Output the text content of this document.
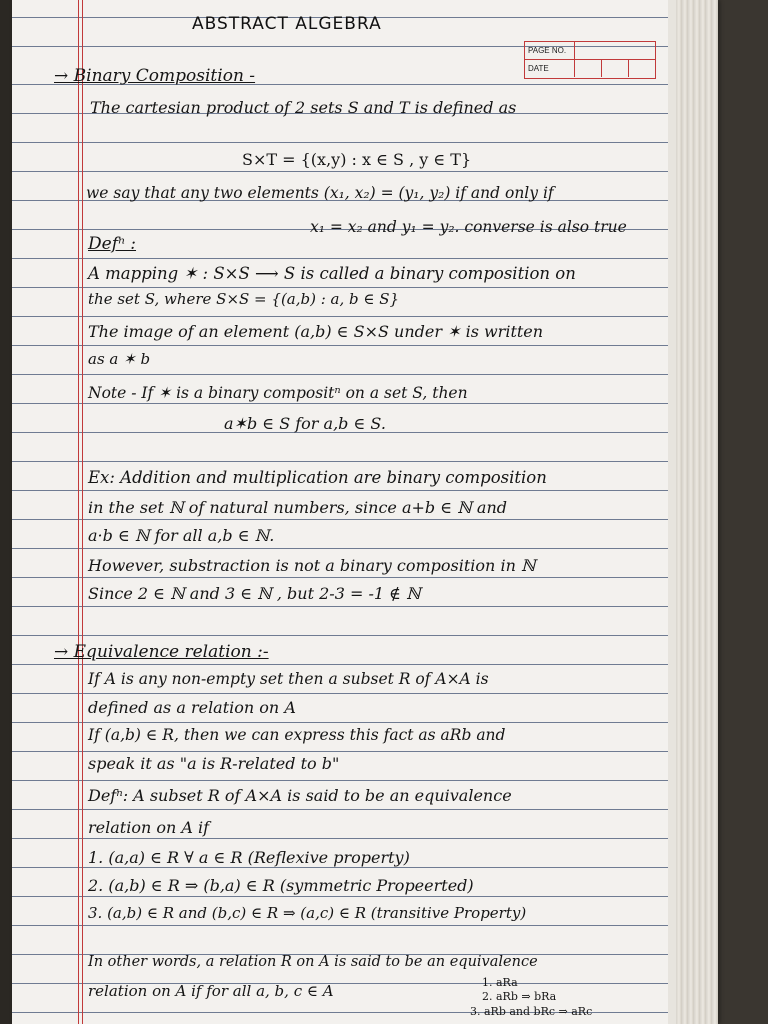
ABSTRACT ALGEBRA
PAGE NO.
DATE
→ Binary Composition -
The cartesian product of 2 sets S and T is defined as
S×T = {(x,y) : x ∈ S , y ∈ T}
we say that any two elements (x₁, x₂) = (y₁, y₂) if and only if
x₁ = x₂ and y₁ = y₂. converse is also true
Defⁿ :
A mapping ✶ : S×S ⟶ S is called a binary composition on
the set S, where S×S = {(a,b) : a, b ∈ S}
The image of an element (a,b) ∈ S×S under ✶ is written
as a ✶ b
Note - If ✶ is a binary compositⁿ on a set S, then
a✶b ∈ S for a,b ∈ S.
Ex: Addition and multiplication are binary composition
in the set ℕ of natural numbers, since a+b ∈ ℕ and
a·b ∈ ℕ for all a,b ∈ ℕ.
However, substraction is not a binary composition in ℕ
Since 2 ∈ ℕ and 3 ∈ ℕ , but 2-3 = -1 ∉ ℕ
→ Equivalence relation :-
If A is any non-empty set then a subset R of A×A is
defined as a relation on A
If (a,b) ∈ R, then we can express this fact as aRb and
speak it as "a is R-related to b"
Defⁿ: A subset R of A×A is said to be an equivalence
relation on A if
1. (a,a) ∈ R ∀ a ∈ R (Reflexive property)
2. (a,b) ∈ R ⇒ (b,a) ∈ R (symmetric Propeerted)
3. (a,b) ∈ R and (b,c) ∈ R ⇒ (a,c) ∈ R (transitive Property)
In other words, a relation R on A is said to be an equivalence
relation on A if for all a, b, c ∈ A	1. aRa
2. aRb ⇒ bRa
3. aRb and bRc ⇒ aRc
